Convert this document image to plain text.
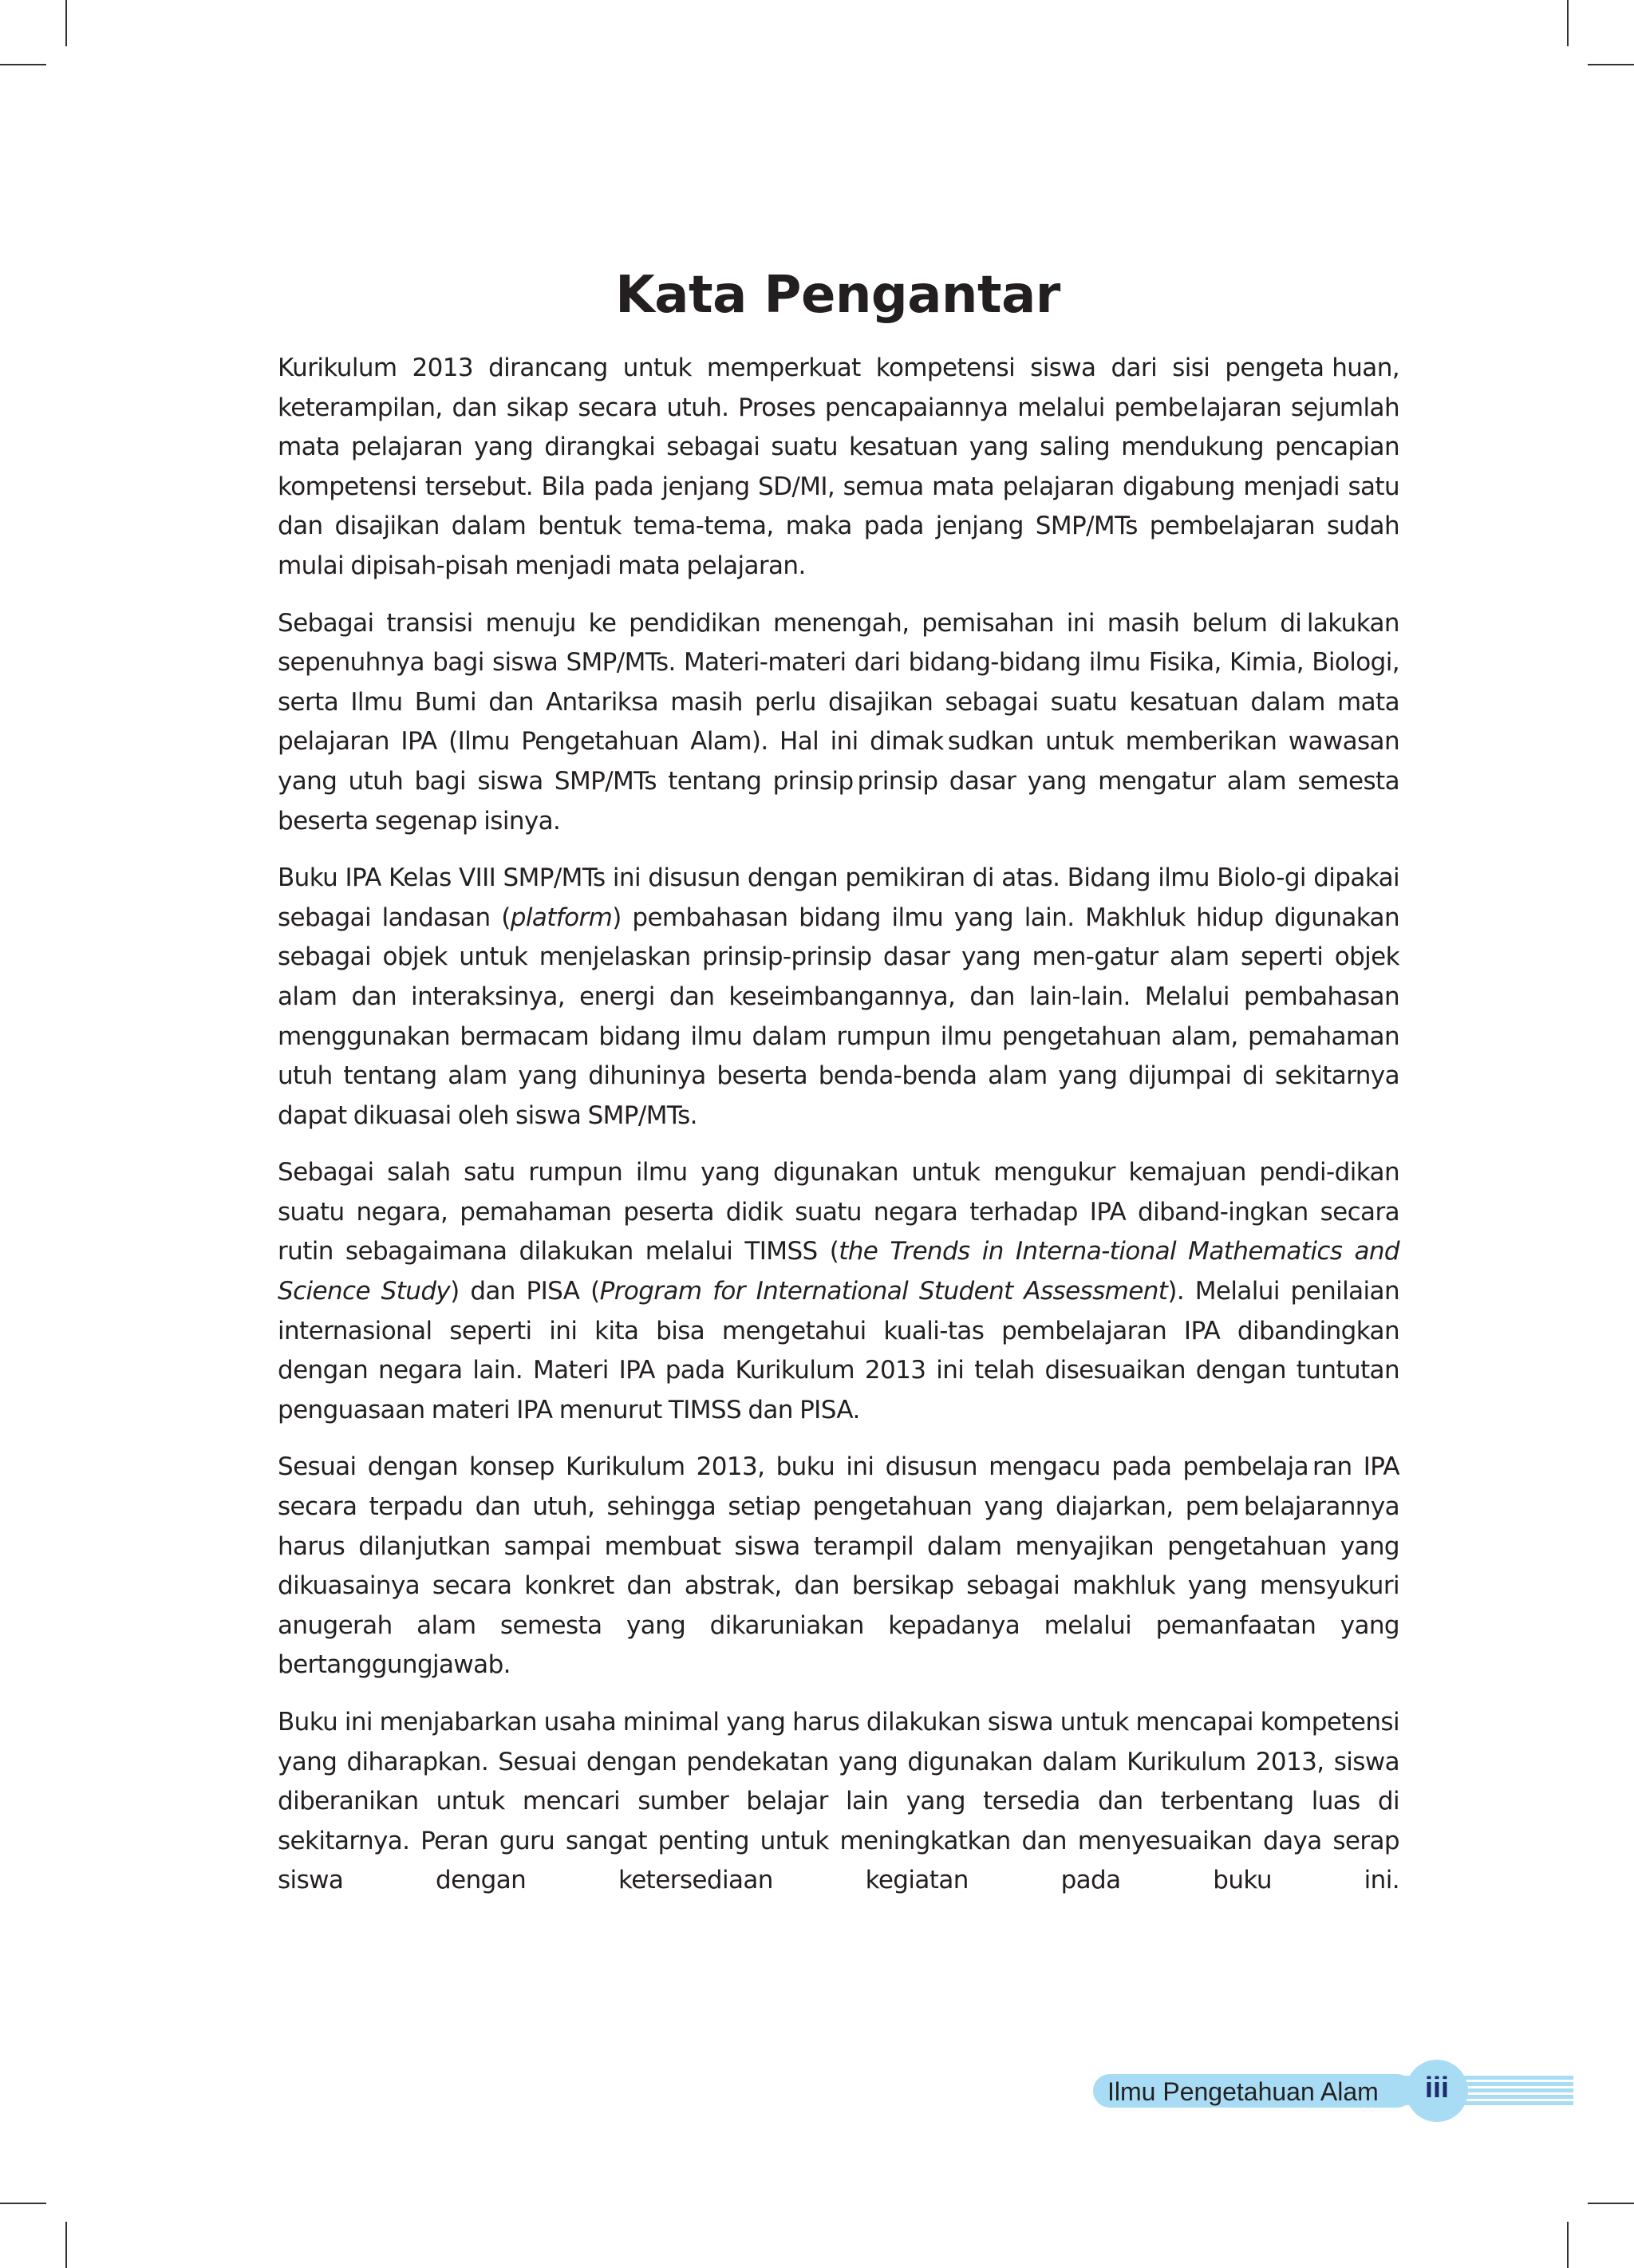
Kata Pengantar

Kurikulum 2013 dirancang untuk memperkuat kompetensi siswa dari sisi pengeta huan, keterampilan, dan sikap secara utuh. Proses pencapaiannya melalui pembe lajaran sejumlah mata pelajaran yang dirangkai sebagai suatu kesatuan yang saling mendukung pencapian kompetensi tersebut. Bila pada jenjang SD/MI, semua mata pelajaran digabung menjadi satu dan disajikan dalam bentuk tema-tema, maka pada jenjang SMP/MTs pembelajaran sudah mulai dipisah-pisah menjadi mata pelajaran.

Sebagai transisi menuju ke pendidikan menengah, pemisahan ini masih belum di lakukan sepenuhnya bagi siswa SMP/MTs. Materi-materi dari bidang-bidang ilmu Fisika, Kimia, Biologi, serta Ilmu Bumi dan Antariksa masih perlu disajikan sebagai suatu kesatuan dalam mata pelajaran IPA (Ilmu Pengetahuan Alam). Hal ini dimak sudkan untuk memberikan wawasan yang utuh bagi siswa SMP/MTs tentang prinsip prinsip dasar yang mengatur alam semesta beserta segenap isinya.

Buku IPA Kelas VIII SMP/MTs ini disusun dengan pemikiran di atas. Bidang ilmu Biolo-gi dipakai sebagai landasan (platform) pembahasan bidang ilmu yang lain. Makhluk hidup digunakan sebagai objek untuk menjelaskan prinsip-prinsip dasar yang men-gatur alam seperti objek alam dan interaksinya, energi dan keseimbangannya, dan lain-lain. Melalui pembahasan menggunakan bermacam bidang ilmu dalam rumpun ilmu pengetahuan alam, pemahaman utuh tentang alam yang dihuninya beserta benda-benda alam yang dijumpai di sekitarnya dapat dikuasai oleh siswa SMP/MTs.

Sebagai salah satu rumpun ilmu yang digunakan untuk mengukur kemajuan pendi-dikan suatu negara, pemahaman peserta didik suatu negara terhadap IPA diband-ingkan secara rutin sebagaimana dilakukan melalui TIMSS (the Trends in Interna-tional Mathematics and Science Study) dan PISA (Program for International Student Assessment). Melalui penilaian internasional seperti ini kita bisa mengetahui kuali-tas pembelajaran IPA dibandingkan dengan negara lain. Materi IPA pada Kurikulum 2013 ini telah disesuaikan dengan tuntutan penguasaan materi IPA menurut TIMSS dan PISA.

Sesuai dengan konsep Kurikulum 2013, buku ini disusun mengacu pada pembelaja ran IPA secara terpadu dan utuh, sehingga setiap pengetahuan yang diajarkan, pem belajarannya harus dilanjutkan sampai membuat siswa terampil dalam menyajikan pengetahuan yang dikuasainya secara konkret dan abstrak, dan bersikap sebagai makhluk yang mensyukuri anugerah alam semesta yang dikaruniakan kepadanya melalui pemanfaatan yang bertanggungjawab.

Buku ini menjabarkan usaha minimal yang harus dilakukan siswa untuk mencapai kompetensi yang diharapkan. Sesuai dengan pendekatan yang digunakan dalam Kurikulum 2013, siswa diberanikan untuk mencari sumber belajar lain yang tersedia dan terbentang luas di sekitarnya. Peran guru sangat penting untuk meningkatkan dan menyesuaikan daya serap siswa dengan ketersediaan kegiatan pada buku ini.

Ilmu Pengetahuan Alam	iii
